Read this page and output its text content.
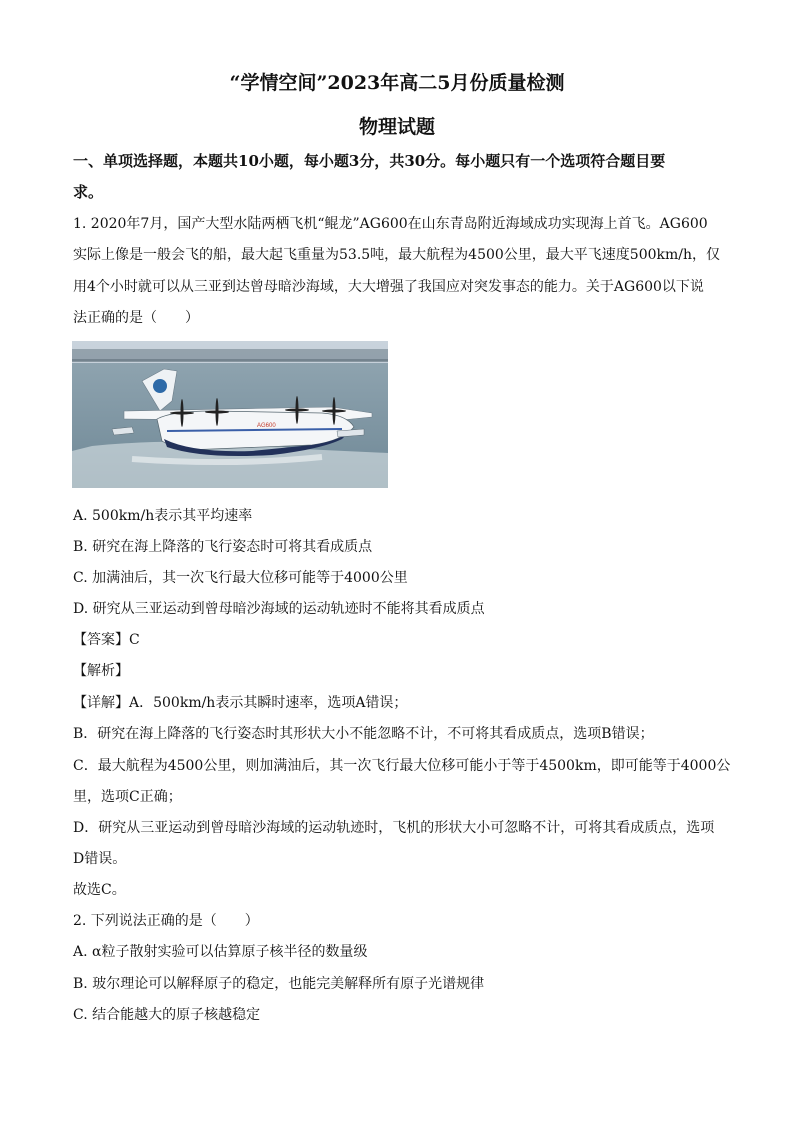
“学情空间”2023年高二5月份质量检测
物理试题
一、单项选择题，本题共10小题，每小题3分，共30分。每小题只有一个选项符合题目要
求。
1. 2020年7月，国产大型水陆两栖飞机“鲲龙”AG600在山东青岛附近海域成功实现海上首飞。AG600
实际上像是一般会飞的船，最大起飞重量为53.5吨，最大航程为4500公里，最大平飞速度500km/h，仅
用4个小时就可以从三亚到达曾母暗沙海域，大大增强了我国应对突发事态的能力。关于AG600以下说
法正确的是（　　）
AG600
A. 500km/h表示其平均速率
B. 研究在海上降落的飞行姿态时可将其看成质点
C. 加满油后，其一次飞行最大位移可能等于4000公里
D. 研究从三亚运动到曾母暗沙海域的运动轨迹时不能将其看成质点
【答案】C
【解析】
【详解】A．500km/h表示其瞬时速率，选项A错误；
B．研究在海上降落的飞行姿态时其形状大小不能忽略不计，不可将其看成质点，选项B错误；
C．最大航程为4500公里，则加满油后，其一次飞行最大位移可能小于等于4500km，即可能等于4000公
里，选项C正确；
D．研究从三亚运动到曾母暗沙海域的运动轨迹时，飞机的形状大小可忽略不计，可将其看成质点，选项
D错误。
故选C。
2. 下列说法正确的是（　　）
A. α粒子散射实验可以估算原子核半径的数量级
B. 玻尔理论可以解释原子的稳定，也能完美解释所有原子光谱规律
C. 结合能越大的原子核越稳定
